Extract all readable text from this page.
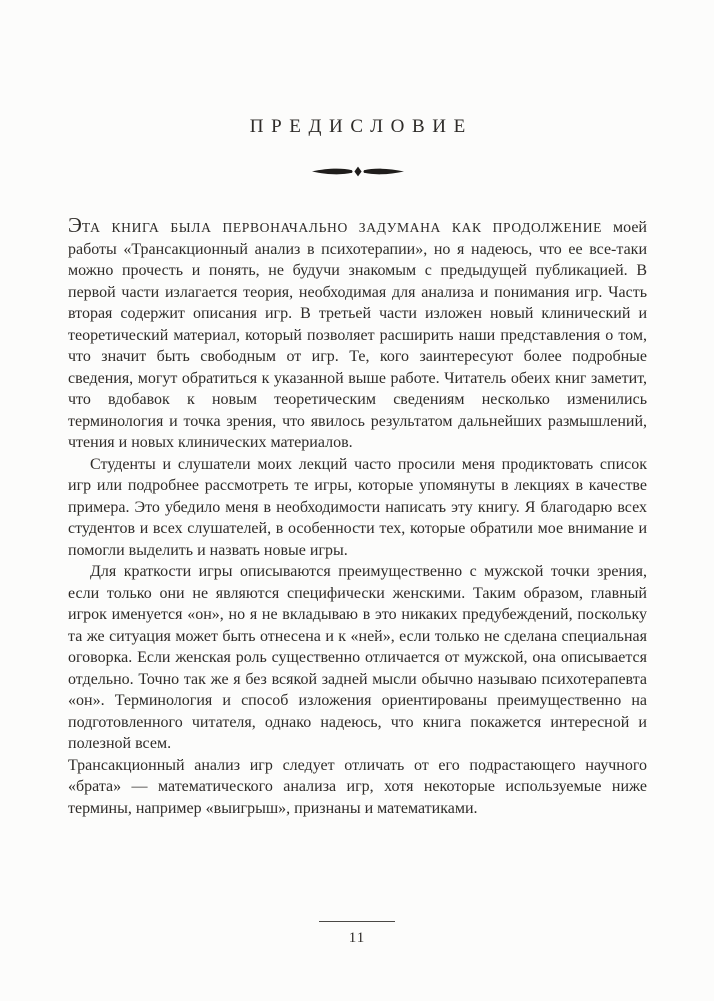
ПРЕДИСЛОВИЕ

ЭТА КНИГА БЫЛА ПЕРВОНАЧАЛЬНО ЗАДУМАНА КАК ПРОДОЛЖЕНИЕ моей работы «Трансакционный анализ в психотерапии», но я надеюсь, что ее все-таки можно прочесть и понять, не будучи знакомым с предыдущей публикацией. В первой части излагается теория, необходимая для анализа и понимания игр. Часть вторая содержит описания игр. В третьей части изложен новый клинический и теоретический материал, который позволяет расширить наши представления о том, что значит быть свободным от игр. Те, кого заинтересуют более подробные сведения, могут обратиться к указанной выше работе. Читатель обеих книг заметит, что вдобавок к новым теоретическим сведениям несколько изменились терминология и точка зрения, что явилось результатом дальнейших размышлений, чтения и новых клинических материалов.

Студенты и слушатели моих лекций часто просили меня продиктовать список игр или подробнее рассмотреть те игры, которые упомянуты в лекциях в качестве примера. Это убедило меня в необходимости написать эту книгу. Я благодарю всех студентов и всех слушателей, в особенности тех, которые обратили мое внимание и помогли выделить и назвать новые игры.

Для краткости игры описываются преимущественно с мужской точки зрения, если только они не являются специфически женскими. Таким образом, главный игрок именуется «он», но я не вкладываю в это никаких предубеждений, поскольку та же ситуация может быть отнесена и к «ней», если только не сделана специальная оговорка. Если женская роль существенно отличается от мужской, она описывается отдельно. Точно так же я без всякой задней мысли обычно называю психотерапевта «он». Терминология и способ изложения ориентированы преимущественно на подготовленного читателя, однако надеюсь, что книга покажется интересной и полезной всем.

Трансакционный анализ игр следует отличать от его подрастающего научного «брата» — математического анализа игр, хотя некоторые используемые ниже термины, например «выигрыш», признаны и математиками.

11
